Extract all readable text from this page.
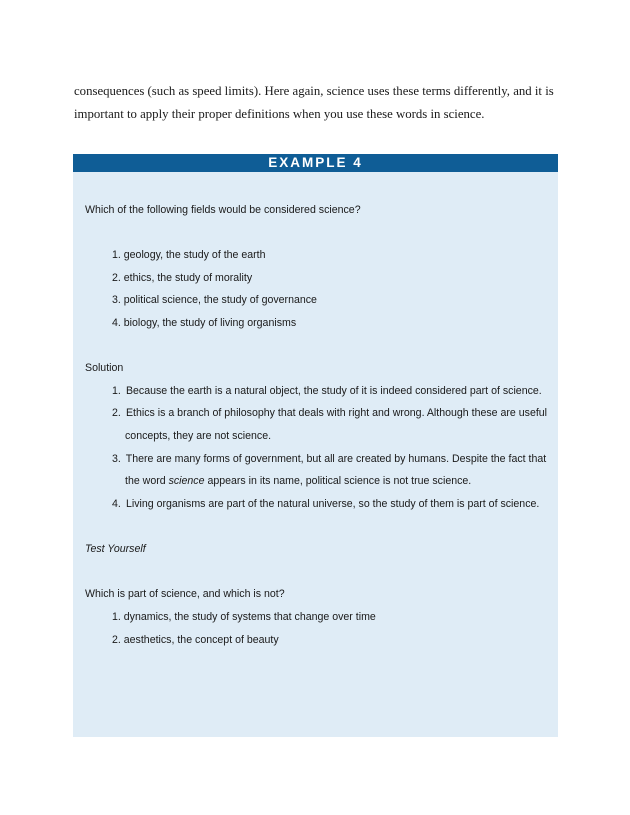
consequences (such as speed limits). Here again, science uses these terms differently, and it is

important to apply their proper definitions when you use these words in science.

EXAMPLE 4
Which of the following fields would be considered science?
1. geology, the study of the earth
2. ethics, the study of morality
3. political science, the study of governance
4. biology, the study of living organisms
Solution
1. Because the earth is a natural object, the study of it is indeed considered part of science.
2. Ethics is a branch of philosophy that deals with right and wrong. Although these are useful
concepts, they are not science.
3. There are many forms of government, but all are created by humans. Despite the fact that
the word science appears in its name, political science is not true science.
4. Living organisms are part of the natural universe, so the study of them is part of science.
Test Yourself
Which is part of science, and which is not?
1. dynamics, the study of systems that change over time
2. aesthetics, the concept of beauty
